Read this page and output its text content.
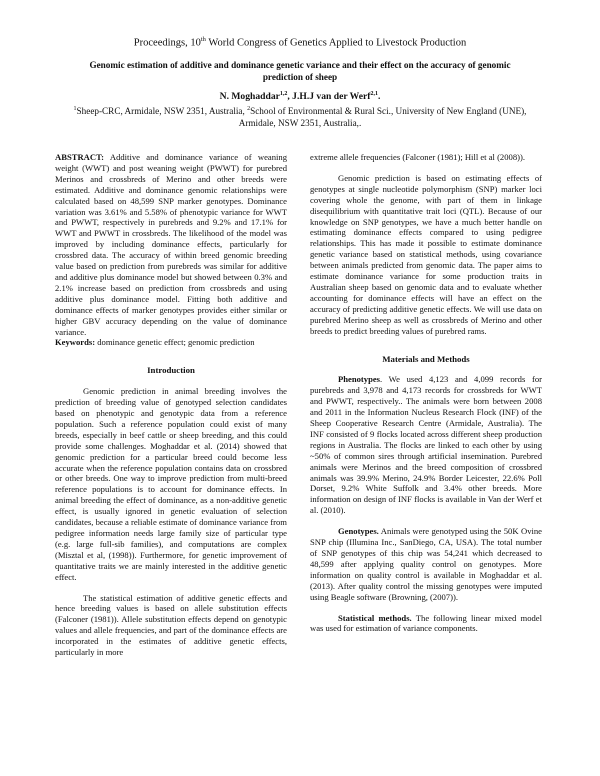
Proceedings, 10th World Congress of Genetics Applied to Livestock Production
Genomic estimation of additive and dominance genetic variance and their effect on the accuracy of genomic prediction of sheep
N. Moghaddar$^{1,2}$, J.H.J van der Werf$^{2,1}$.
$^1$Sheep-CRC, Armidale, NSW 2351, Australia, $^2$School of Environmental & Rural Sci., University of New England (UNE), Armidale, NSW 2351, Australia,.

ABSTRACT: Additive and dominance variance of weaning weight (WWT) and post weaning weight (PWWT) for purebred Merinos and crossbreds of Merino and other breeds were estimated. Additive and dominance genomic relationships were calculated based on 48,599 SNP marker genotypes. Dominance variation was 3.61% and 5.58% of phenotypic variance for WWT and PWWT, respectively in purebreds and 9.2% and 17.1% for WWT and PWWT in crossbreds. The likelihood of the model was improved by including dominance effects, particularly for crossbred data. The accuracy of within breed genomic breeding value based on prediction from purebreds was similar for additive and additive plus dominance model but showed between 0.3% and 2.1% increase based on prediction from crossbreds and using additive plus dominance model. Fitting both additive and dominance effects of marker genotypes provides either similar or higher GBV accuracy depending on the value of dominance variance.

Keywords: dominance genetic effect; genomic prediction

Introduction

Genomic prediction in animal breeding involves the prediction of breeding value of genotyped selection candidates based on phenotypic and genotypic data from a reference population. Such a reference population could exist of many breeds, especially in beef cattle or sheep breeding, and this could provide some challenges. Moghaddar et al. (2014) showed that genomic prediction for a particular breed could become less accurate when the reference population contains data on crossbred or other breeds. One way to improve prediction from multi-breed reference populations is to account for dominance effects. In animal breeding the effect of dominance, as a non-additive genetic effect, is usually ignored in genetic evaluation of selection candidates, because a reliable estimate of dominance variance from pedigree information needs large family size of particular type (e.g. large full-sib families), and computations are complex (Misztal et al, (1998)). Furthermore, for genetic improvement of quantitative traits we are mainly interested in the additive genetic effect.

The statistical estimation of additive genetic effects and hence breeding values is based on allele substitution effects (Falconer (1981)). Allele substitution effects depend on genotypic values and allele frequencies, and part of the dominance effects are incorporated in the estimates of additive genetic effects, particularly in more

extreme allele frequencies (Falconer (1981); Hill et al (2008)).

Genomic prediction is based on estimating effects of genotypes at single nucleotide polymorphism (SNP) marker loci covering whole the genome, with part of them in linkage disequilibrium with quantitative trait loci (QTL). Because of our knowledge on SNP genotypes, we have a much better handle on estimating dominance effects compared to using pedigree relationships. This has made it possible to estimate dominance genetic variance based on statistical methods, using covariance between animals predicted from genomic data. The paper aims to estimate dominance variance for some production traits in Australian sheep based on genomic data and to evaluate whether accounting for dominance effects will have an effect on the accuracy of predicting additive genetic effects. We will use data on purebred Merino sheep as well as crossbreds of Merino and other breeds to predict breeding values of purebred rams.

Materials and Methods

Phenotypes. We used 4,123 and 4,099 records for purebreds and 3,978 and 4,173 records for crossbreds for WWT and PWWT, respectively.. The animals were born between 2008 and 2011 in the Information Nucleus Research Flock (INF) of the Sheep Cooperative Research Centre (Armidale, Australia). The INF consisted of 9 flocks located across different sheep production regions in Australia. The flocks are linked to each other by using ~50% of common sires through artificial insemination. Purebred animals were Merinos and the breed composition of crossbred animals was 39.9% Merino, 24.9% Border Leicester, 22.6% Poll Dorset, 9.2% White Suffolk and 3.4% other breeds. More information on design of INF flocks is available in Van der Werf et al. (2010).

Genotypes. Animals were genotyped using the 50K Ovine SNP chip (Illumina Inc., SanDiego, CA, USA). The total number of SNP genotypes of this chip was 54,241 which decreased to 48,599 after applying quality control on genotypes. More information on quality control is available in Moghaddar et al. (2013). After quality control the missing genotypes were imputed using Beagle software (Browning, (2007)).

Statistical methods. The following linear mixed model was used for estimation of variance components.
